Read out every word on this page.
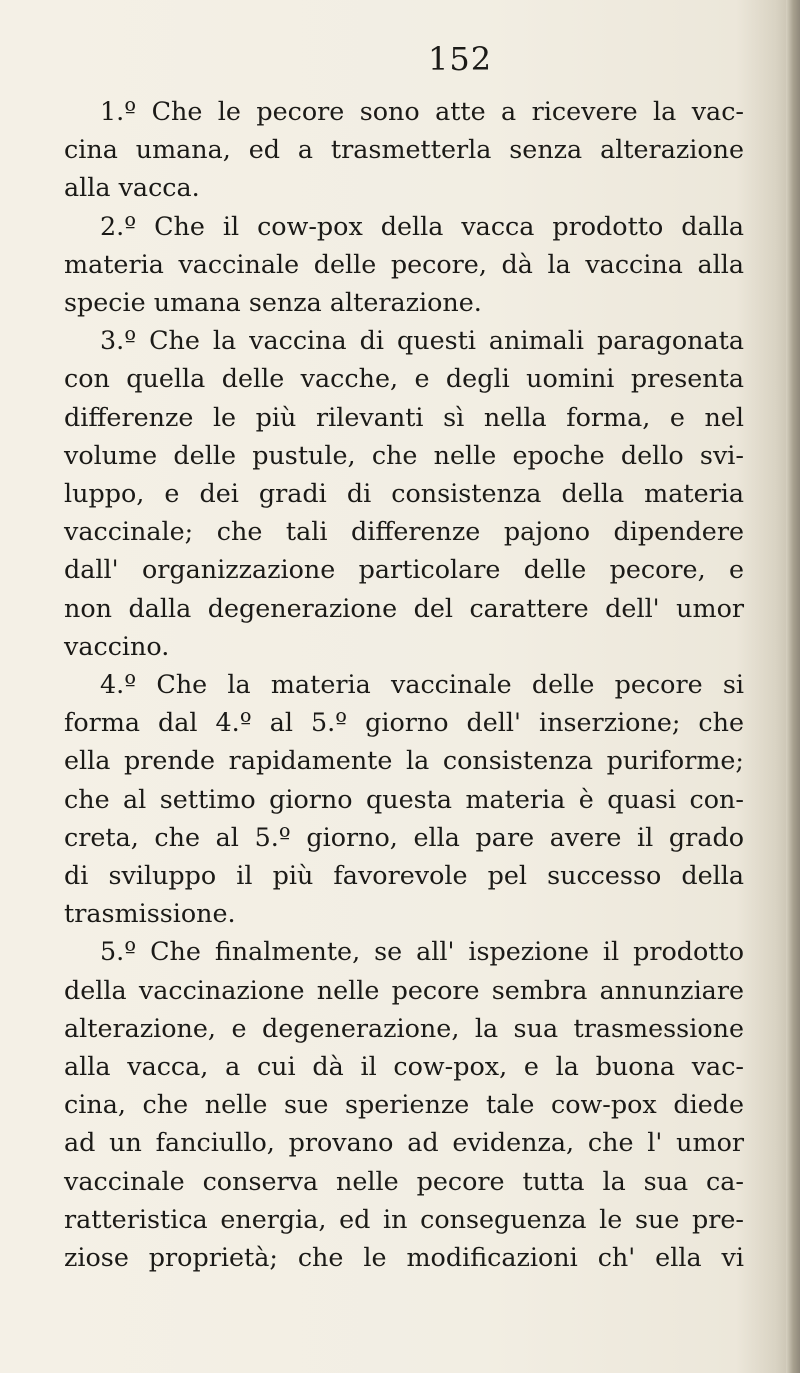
152
1.º Che le pecore sono atte a ricevere la vac-
cina umana, ed a trasmetterla senza alterazione
alla vacca.
2.º Che il cow-pox della vacca prodotto dalla
materia vaccinale delle pecore, dà la vaccina alla
specie umana senza alterazione.
3.º Che la vaccina di questi animali paragonata
con quella delle vacche, e degli uomini presenta
differenze le più rilevanti sì nella forma, e nel
volume delle pustule, che nelle epoche dello svi-
luppo, e dei gradi di consistenza della materia
vaccinale; che tali differenze pajono dipendere
dall' organizzazione particolare delle pecore, e
non dalla degenerazione del carattere dell' umor
vaccino.
4.º Che la materia vaccinale delle pecore si
forma dal 4.º al 5.º giorno dell' inserzione; che
ella prende rapidamente la consistenza puriforme;
che al settimo giorno questa materia è quasi con-
creta, che al 5.º giorno, ella pare avere il grado
di sviluppo il più favorevole pel successo della
trasmissione.
5.º Che finalmente, se all' ispezione il prodotto
della vaccinazione nelle pecore sembra annunziare
alterazione, e degenerazione, la sua trasmessione
alla vacca, a cui dà il cow-pox, e la buona vac-
cina, che nelle sue sperienze tale cow-pox diede
ad un fanciullo, provano ad evidenza, che l' umor
vaccinale conserva nelle pecore tutta la sua ca-
ratteristica energia, ed in conseguenza le sue pre-
ziose proprietà; che le modificazioni ch' ella vi
